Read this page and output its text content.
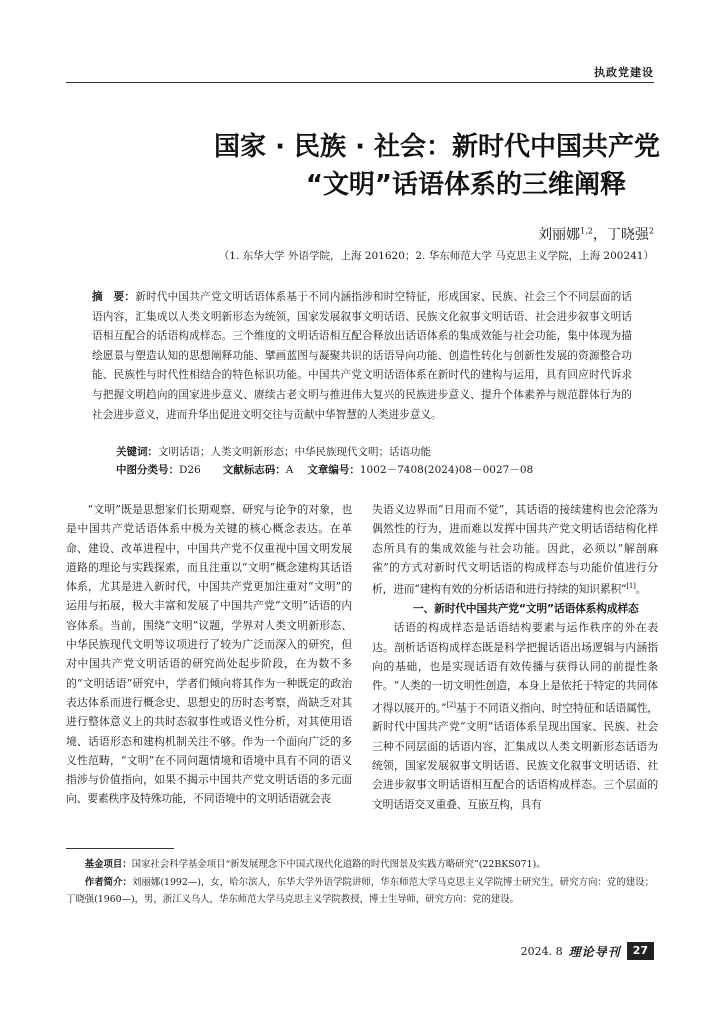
执政党建设
国家 · 民族 · 社会：新时代中国共产党
“文明”话语体系的三维阐释
刘丽娜$^{1,2}$，丁晓强$^2$
（1. 东华大学 外语学院，上海 201620；2. 华东师范大学 马克思主义学院，上海 200241）
摘　要：新时代中国共产党文明话语体系基于不同内涵指涉和时空特征，形成国家、民族、社会三个不同层面的话语内容，汇集成以人类文明新形态为统领，国家发展叙事文明话语、民族文化叙事文明话语、社会进步叙事文明话语相互配合的话语构成样态。三个维度的文明话语相互配合释放出话语体系的集成效能与社会功能，集中体现为描绘愿景与塑造认知的思想阐释功能、擘画蓝图与凝聚共识的话语导向功能、创造性转化与创新性发展的资源整合功能、民族性与时代性相结合的特色标识功能。中国共产党文明话语体系在新时代的建构与运用，具有回应时代诉求与把握文明趋向的国家进步意义、赓续古老文明与推进伟大复兴的民族进步意义、提升个体素养与规范群体行为的社会进步意义，进而升华出促进文明交往与贡献中华智慧的人类进步意义。
关键词：文明话语；人类文明新形态；中华民族现代文明；话语功能
中图分类号：D26 文献标志码：A 文章编号：1002－7408(2024)08－0027－08

“文明”既是思想家们长期观察、研究与论争的对象，也是中国共产党话语体系中极为关键的核心概念表达。在革命、建设、改革进程中，中国共产党不仅重视中国文明发展道路的理论与实践探索，而且注重以“文明”概念建构其话语体系，尤其是进入新时代，中国共产党更加注重对“文明”的运用与拓展，极大丰富和发展了中国共产党“文明”话语的内容体系。当前，围绕“文明”议题，学界对人类文明新形态、中华民族现代文明等议项进行了较为广泛而深入的研究，但对中国共产党文明话语的研究尚处起步阶段，在为数不多的“文明话语”研究中，学者们倾向将其作为一种既定的政治表达体系而进行概念史、思想史的历时态考察，尚缺乏对其进行整体意义上的共时态叙事性或语义性分析，对其使用语境、话语形态和建构机制关注不够。作为一个面向广泛的多义性范畴，“文明”在不同问题情境和语境中具有不同的语义指涉与价值指向，如果不揭示中国共产党文明话语的多元面向、要素秩序及特殊功能，不同语境中的文明话语就会丧

失语义边界而“日用而不觉”，其话语的接续建构也会沦落为偶然性的行为，进而难以发挥中国共产党文明话语结构化样态所具有的集成效能与社会功能。因此，必须以“解剖麻雀”的方式对新时代文明话语的构成样态与功能价值进行分析，进而“建构有效的分析话语和进行持续的知识累积”[1]。

一、新时代中国共产党“文明”话语体系构成样态

话语的构成样态是话语结构要素与运作秩序的外在表达。剖析话语构成样态既是科学把握话语出场逻辑与内涵指向的基础，也是实现话语有效传播与获得认同的前提性条件。“人类的一切文明性创造，本身上是依托于特定的共同体才得以展开的。”[2]基于不同语义指向、时空特征和话语属性，新时代中国共产党“文明”话语体系呈现出国家、民族、社会三种不同层面的话语内容，汇集成以人类文明新形态话语为统领，国家发展叙事文明话语、民族文化叙事文明话语、社会进步叙事文明话语相互配合的话语构成样态。三个层面的文明话语交叉重叠、互嵌互构，具有

基金项目：国家社会科学基金项目“新发展理念下中国式现代化道路的时代图景及实践方略研究”(22BKS071)。

作者简介：刘丽娜(1992—)，女，哈尔滨人，东华大学外语学院讲师，华东师范大学马克思主义学院博士研究生，研究方向：党的建设；丁晓强(1960—)，男，浙江义乌人，华东师范大学马克思主义学院教授，博士生导师，研究方向：党的建设。

2024. 8 理论导刊	27
